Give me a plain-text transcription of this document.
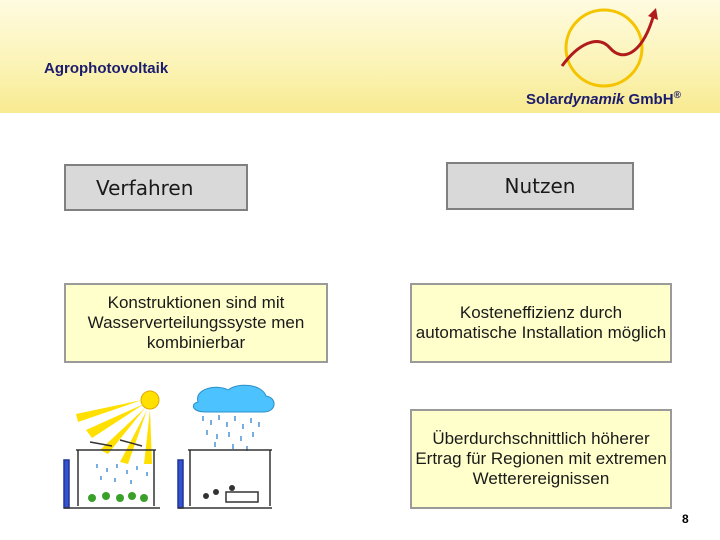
Agrophotovoltaik
Solardynamik GmbH®
Verfahren	Nutzen
Konstruktionen sind mit Wasserverteilungssyste men kombinierbar
Kosteneffizienz durch automatische Installation möglich
Überdurchschnittlich höherer Ertrag für Regionen mit extremen Wetterereignissen
8
